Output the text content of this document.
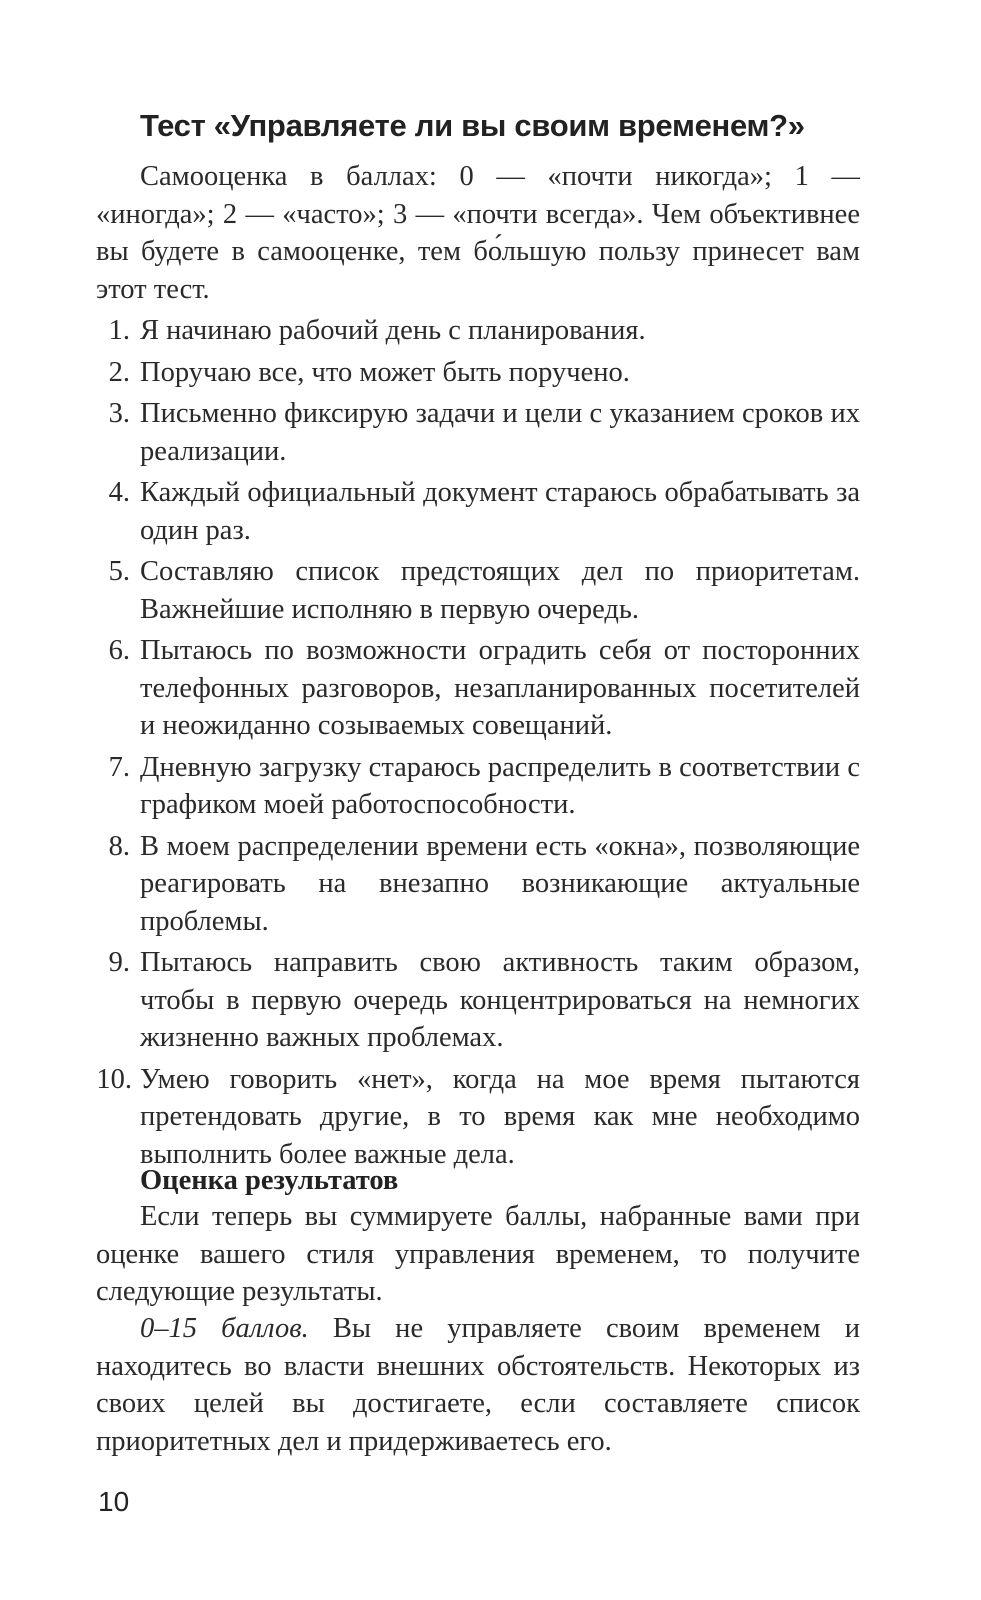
Тест «Управляете ли вы своим временем?»

Самооценка в баллах: 0 — «почти никогда»; 1 — «иногда»; 2 — «часто»; 3 — «почти всегда». Чем объективнее вы будете в самооценке, тем бо́льшую пользу принесет вам этот тест.

1. Я начинаю рабочий день с планирования.
2. Поручаю все, что может быть поручено.
3. Письменно фиксирую задачи и цели с указанием сроков их реализации.
4. Каждый официальный документ стараюсь обрабатывать за один раз.
5. Составляю список предстоящих дел по приоритетам. Важнейшие исполняю в первую очередь.
6. Пытаюсь по возможности оградить себя от посторонних телефонных разговоров, незапланированных посетителей и неожиданно созываемых совещаний.
7. Дневную загрузку стараюсь распределить в соответствии с графиком моей работоспособности.
8. В моем распределении времени есть «окна», позволяющие реагировать на внезапно возникающие актуальные проблемы.
9. Пытаюсь направить свою активность таким образом, чтобы в первую очередь концентрироваться на немногих жизненно важных проблемах.
10. Умею говорить «нет», когда на мое время пытаются претендовать другие, в то время как мне необходимо выполнить более важные дела.
Оценка результатов

Если теперь вы суммируете баллы, набранные вами при оценке вашего стиля управления временем, то получите следующие результаты.

0–15 баллов. Вы не управляете своим временем и находитесь во власти внешних обстоятельств. Некоторых из своих целей вы достигаете, если составляете список приоритетных дел и придерживаетесь его.

10
